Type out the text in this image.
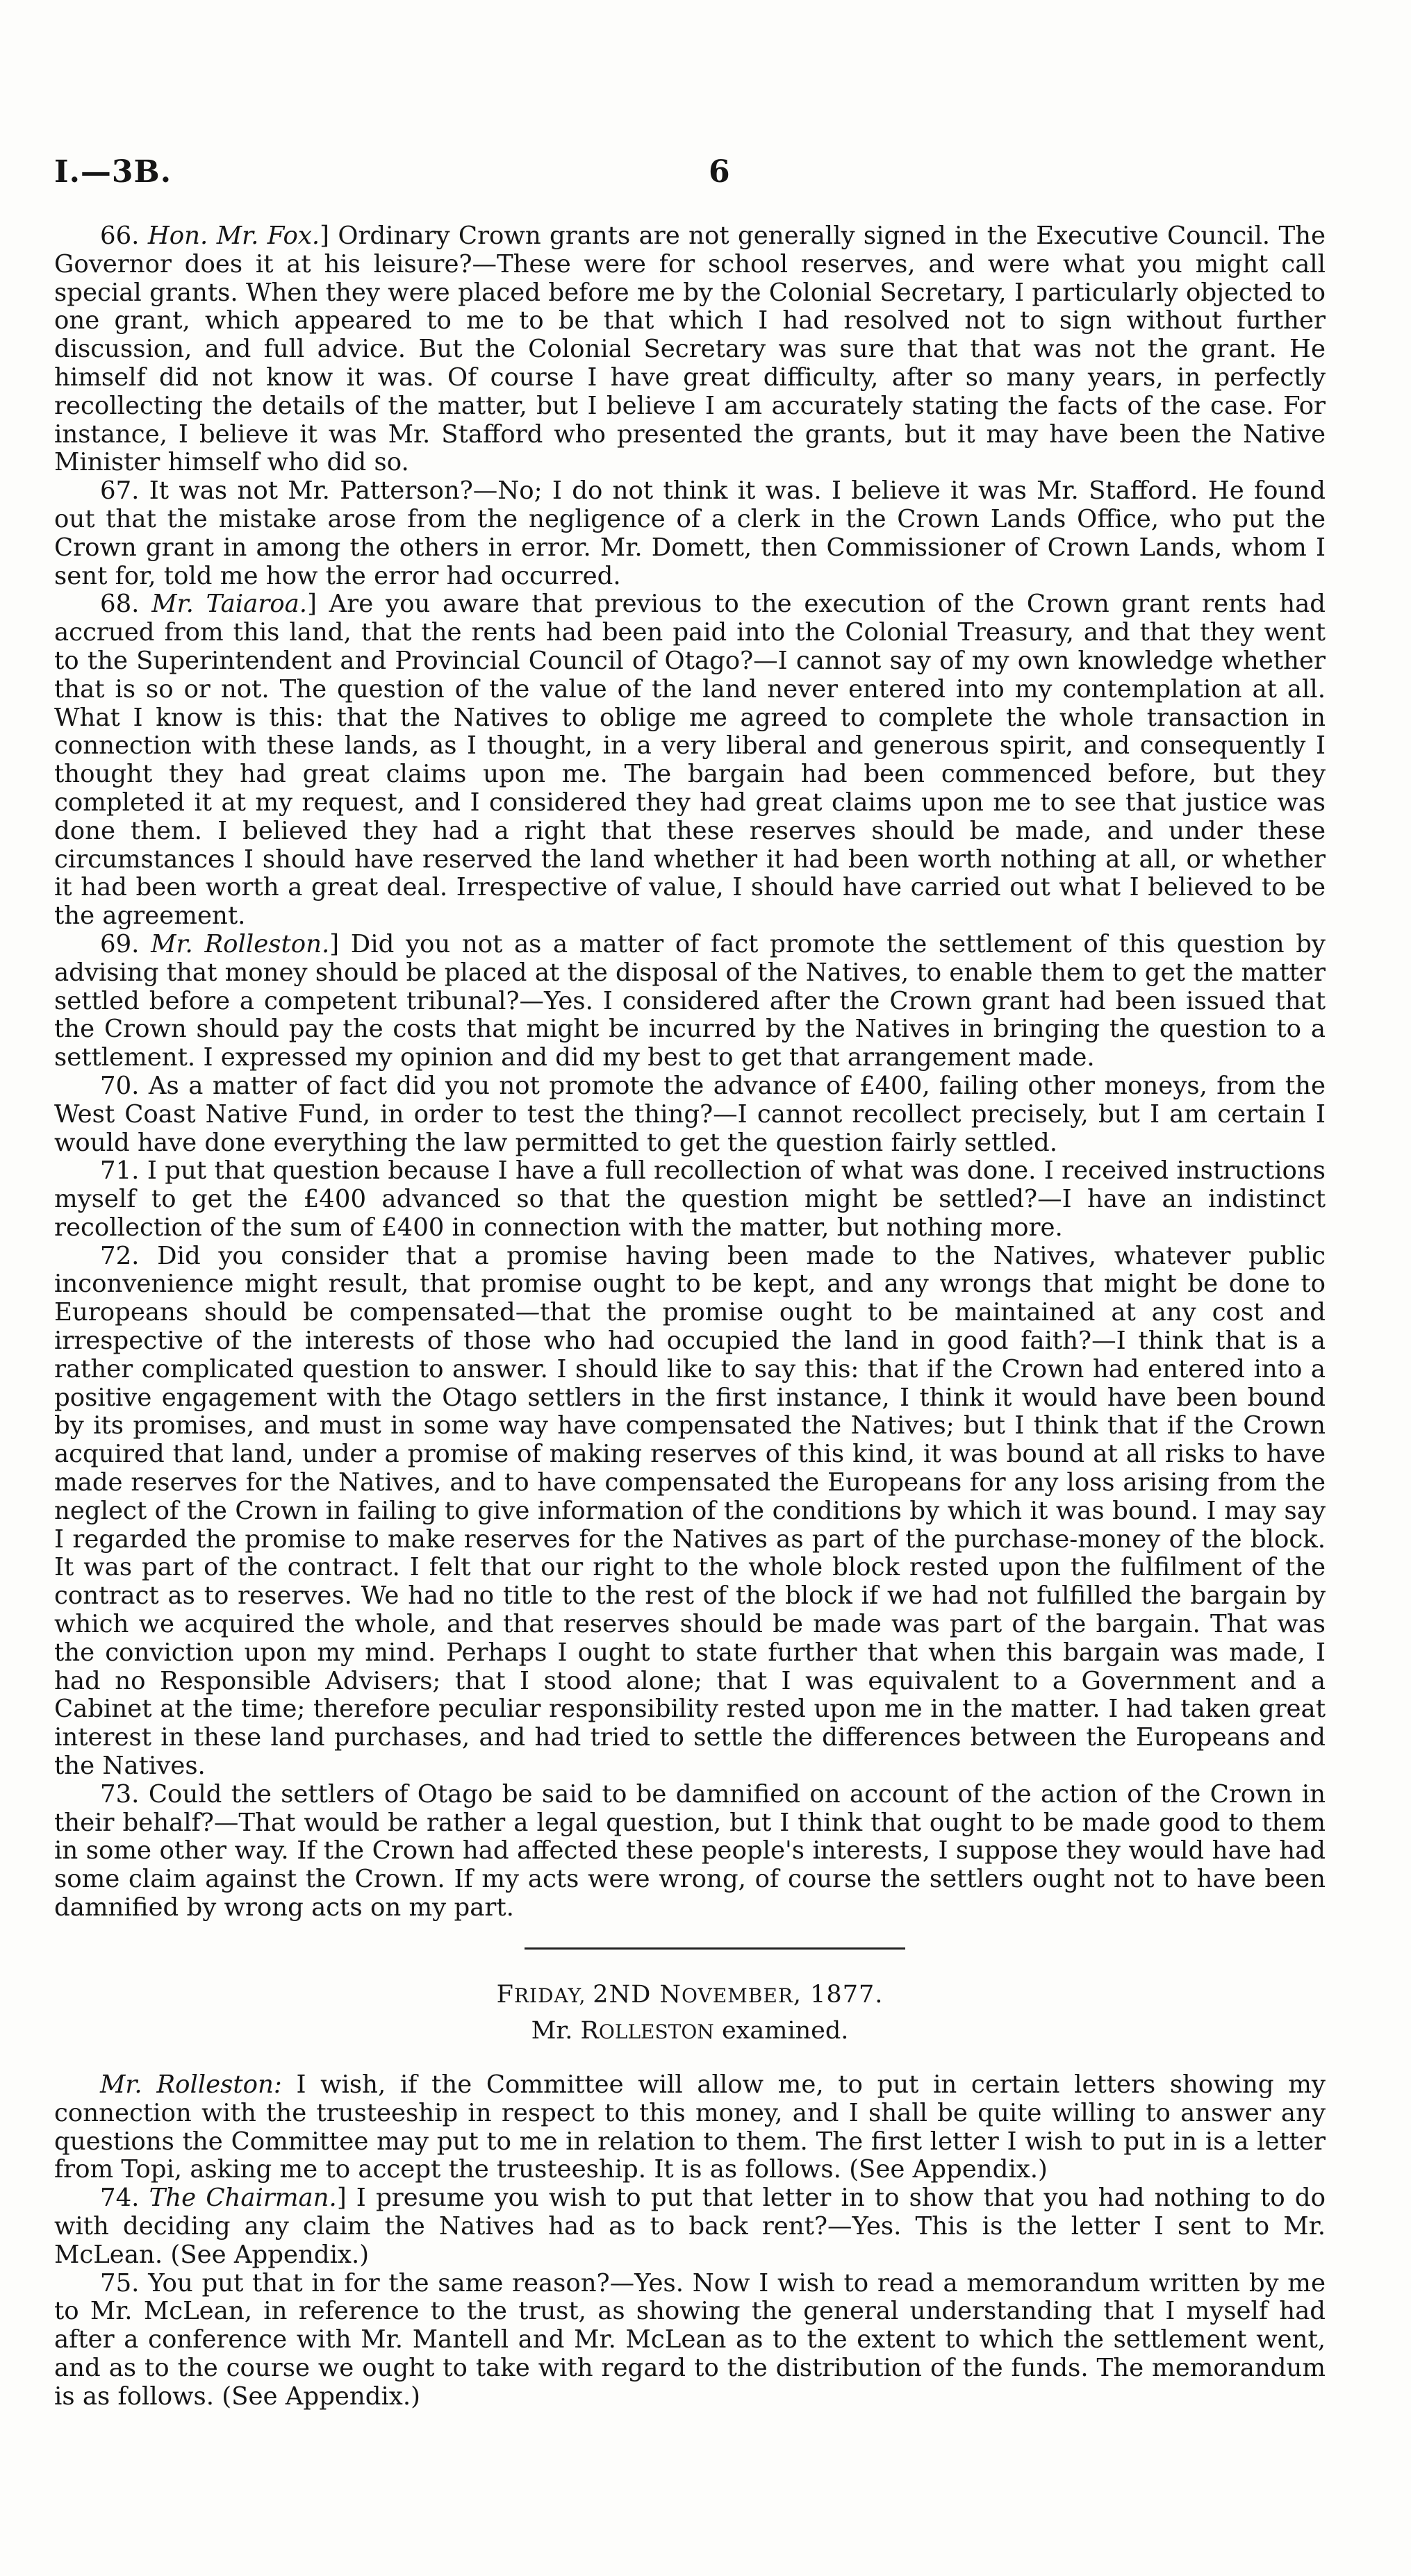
I.—3B.	6

66. Hon. Mr. Fox.] Ordinary Crown grants are not generally signed in the Executive Council. The Governor does it at his leisure?—These were for school reserves, and were what you might call special grants. When they were placed before me by the Colonial Secretary, I particularly objected to one grant, which appeared to me to be that which I had resolved not to sign without further discussion, and full advice. But the Colonial Secretary was sure that that was not the grant. He himself did not know it was. Of course I have great difficulty, after so many years, in perfectly recollecting the details of the matter, but I believe I am accurately stating the facts of the case. For instance, I believe it was Mr. Stafford who presented the grants, but it may have been the Native Minister himself who did so.

67. It was not Mr. Patterson?—No; I do not think it was. I believe it was Mr. Stafford. He found out that the mistake arose from the negligence of a clerk in the Crown Lands Office, who put the Crown grant in among the others in error. Mr. Domett, then Commissioner of Crown Lands, whom I sent for, told me how the error had occurred.

68. Mr. Taiaroa.] Are you aware that previous to the execution of the Crown grant rents had accrued from this land, that the rents had been paid into the Colonial Treasury, and that they went to the Superintendent and Provincial Council of Otago?—I cannot say of my own knowledge whether that is so or not. The question of the value of the land never entered into my contemplation at all. What I know is this: that the Natives to oblige me agreed to complete the whole transaction in connection with these lands, as I thought, in a very liberal and generous spirit, and consequently I thought they had great claims upon me. The bargain had been commenced before, but they completed it at my request, and I considered they had great claims upon me to see that justice was done them. I believed they had a right that these reserves should be made, and under these circumstances I should have reserved the land whether it had been worth nothing at all, or whether it had been worth a great deal. Irrespective of value, I should have carried out what I believed to be the agreement.

69. Mr. Rolleston.] Did you not as a matter of fact promote the settlement of this question by advising that money should be placed at the disposal of the Natives, to enable them to get the matter settled before a competent tribunal?—Yes. I considered after the Crown grant had been issued that the Crown should pay the costs that might be incurred by the Natives in bringing the question to a settlement. I expressed my opinion and did my best to get that arrangement made.

70. As a matter of fact did you not promote the advance of £400, failing other moneys, from the West Coast Native Fund, in order to test the thing?—I cannot recollect precisely, but I am certain I would have done everything the law permitted to get the question fairly settled.

71. I put that question because I have a full recollection of what was done. I received instructions myself to get the £400 advanced so that the question might be settled?—I have an indistinct recollection of the sum of £400 in connection with the matter, but nothing more.

72. Did you consider that a promise having been made to the Natives, whatever public inconvenience might result, that promise ought to be kept, and any wrongs that might be done to Europeans should be compensated—that the promise ought to be maintained at any cost and irrespective of the interests of those who had occupied the land in good faith?—I think that is a rather complicated question to answer. I should like to say this: that if the Crown had entered into a positive engagement with the Otago settlers in the first instance, I think it would have been bound by its promises, and must in some way have compensated the Natives; but I think that if the Crown acquired that land, under a promise of making reserves of this kind, it was bound at all risks to have made reserves for the Natives, and to have compensated the Europeans for any loss arising from the neglect of the Crown in failing to give information of the conditions by which it was bound. I may say I regarded the promise to make reserves for the Natives as part of the purchase-money of the block. It was part of the contract. I felt that our right to the whole block rested upon the fulfilment of the contract as to reserves. We had no title to the rest of the block if we had not fulfilled the bargain by which we acquired the whole, and that reserves should be made was part of the bargain. That was the conviction upon my mind. Perhaps I ought to state further that when this bargain was made, I had no Responsible Advisers; that I stood alone; that I was equivalent to a Government and a Cabinet at the time; therefore peculiar responsibility rested upon me in the matter. I had taken great interest in these land purchases, and had tried to settle the differences between the Europeans and the Natives.

73. Could the settlers of Otago be said to be damnified on account of the action of the Crown in their behalf?—That would be rather a legal question, but I think that ought to be made good to them in some other way. If the Crown had affected these people's interests, I suppose they would have had some claim against the Crown. If my acts were wrong, of course the settlers ought not to have been damnified by wrong acts on my part.

FRIDAY, 2ND NOVEMBER, 1877.

Mr. ROLLESTON examined.

Mr. Rolleston: I wish, if the Committee will allow me, to put in certain letters showing my connection with the trusteeship in respect to this money, and I shall be quite willing to answer any questions the Committee may put to me in relation to them. The first letter I wish to put in is a letter from Topi, asking me to accept the trusteeship. It is as follows. (See Appendix.)

74. The Chairman.] I presume you wish to put that letter in to show that you had nothing to do with deciding any claim the Natives had as to back rent?—Yes. This is the letter I sent to Mr. McLean. (See Appendix.)

75. You put that in for the same reason?—Yes. Now I wish to read a memorandum written by me to Mr. McLean, in reference to the trust, as showing the general understanding that I myself had after a conference with Mr. Mantell and Mr. McLean as to the extent to which the settlement went, and as to the course we ought to take with regard to the distribution of the funds. The memorandum is as follows. (See Appendix.)
